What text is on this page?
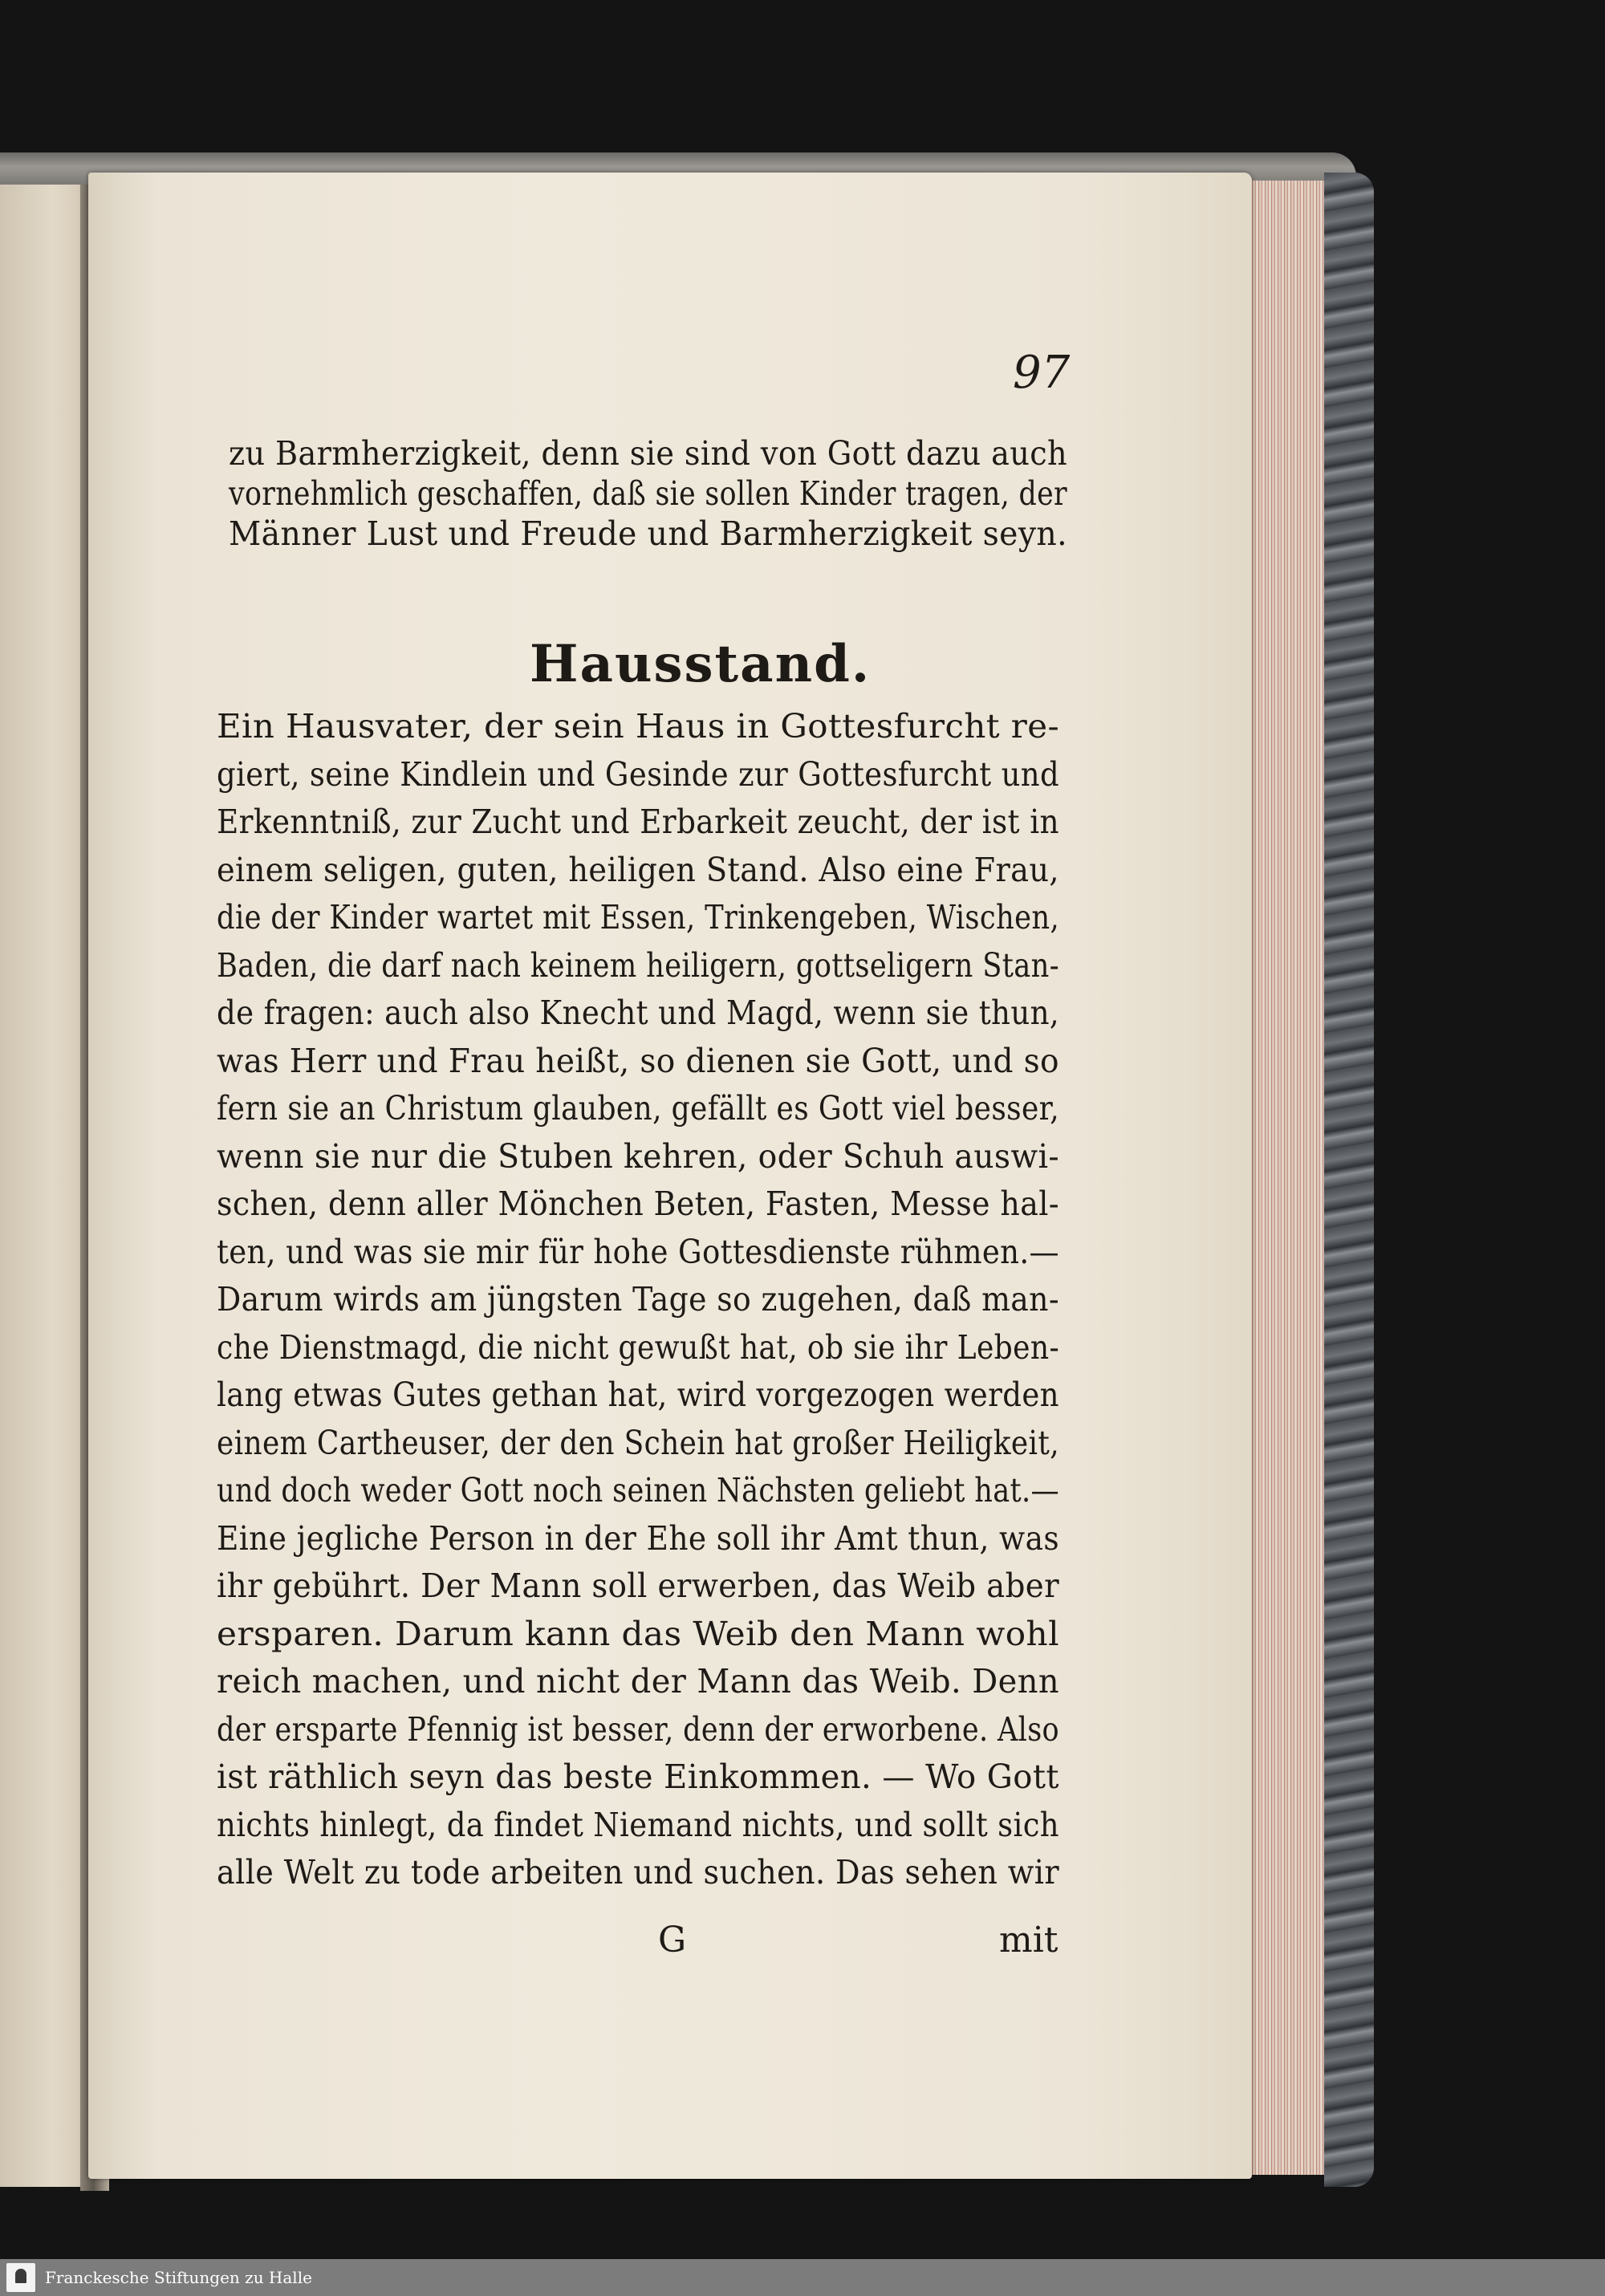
97
zu Barmherzigkeit, denn sie sind von Gott dazu auch
vornehmlich geschaffen, daß sie sollen Kinder tragen, der
Männer Lust und Freude und Barmherzigkeit seyn.
Hausstand.
Ein Hausvater, der sein Haus in Gottesfurcht re-
giert, seine Kindlein und Gesinde zur Gottesfurcht und
Erkenntniß, zur Zucht und Erbarkeit zeucht, der ist in
einem seligen, guten, heiligen Stand. Also eine Frau,
die der Kinder wartet mit Essen, Trinkengeben, Wischen,
Baden, die darf nach keinem heiligern, gottseligern Stan-
de fragen: auch also Knecht und Magd, wenn sie thun,
was Herr und Frau heißt, so dienen sie Gott, und so
fern sie an Christum glauben, gefällt es Gott viel besser,
wenn sie nur die Stuben kehren, oder Schuh auswi-
schen, denn aller Mönchen Beten, Fasten, Messe hal-
ten, und was sie mir für hohe Gottesdienste rühmen.—
Darum wirds am jüngsten Tage so zugehen, daß man-
che Dienstmagd, die nicht gewußt hat, ob sie ihr Leben-
lang etwas Gutes gethan hat, wird vorgezogen werden
einem Cartheuser, der den Schein hat großer Heiligkeit,
und doch weder Gott noch seinen Nächsten geliebt hat.—
Eine jegliche Person in der Ehe soll ihr Amt thun, was
ihr gebührt. Der Mann soll erwerben, das Weib aber
ersparen. Darum kann das Weib den Mann wohl
reich machen, und nicht der Mann das Weib. Denn
der ersparte Pfennig ist besser, denn der erworbene. Also
ist räthlich seyn das beste Einkommen. — Wo Gott
nichts hinlegt, da findet Niemand nichts, und sollt sich
alle Welt zu tode arbeiten und suchen. Das sehen wir
G	mit
Franckesche Stiftungen zu Halle
